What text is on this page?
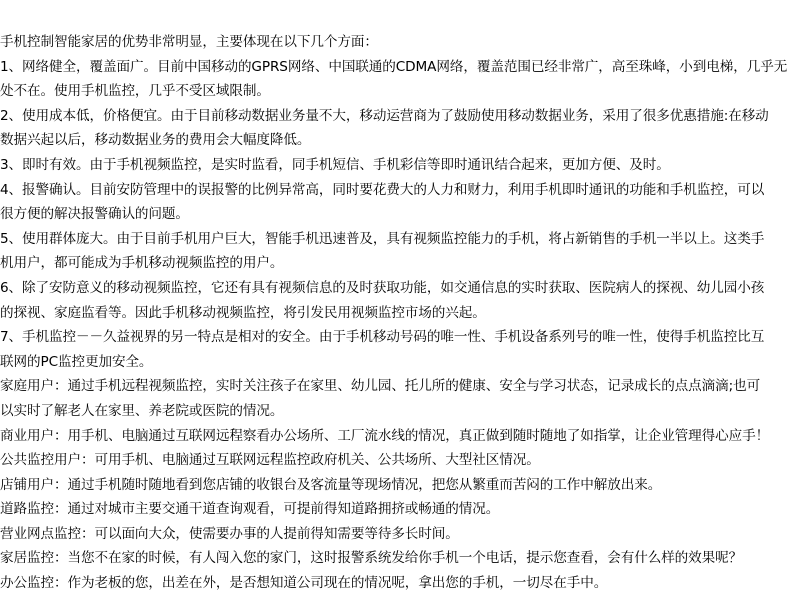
手机控制智能家居的优势非常明显，主要体现在以下几个方面：
1、网络健全，覆盖面广。目前中国移动的GPRS网络、中国联通的CDMA网络，覆盖范围已经非常广，高至珠峰，小到电梯，几乎无
处不在。使用手机监控，几乎不受区域限制。
2、使用成本低，价格便宜。由于目前移动数据业务量不大，移动运营商为了鼓励使用移动数据业务，采用了很多优惠措施:在移动
数据兴起以后，移动数据业务的费用会大幅度降低。
3、即时有效。由于手机视频监控，是实时监看，同手机短信、手机彩信等即时通讯结合起来，更加方便、及时。
4、报警确认。目前安防管理中的误报警的比例异常高，同时要花费大的人力和财力，利用手机即时通讯的功能和手机监控，可以
很方便的解决报警确认的问题。
5、使用群体庞大。由于目前手机用户巨大，智能手机迅速普及，具有视频监控能力的手机，将占新销售的手机一半以上。这类手
机用户，都可能成为手机移动视频监控的用户。
6、除了安防意义的移动视频监控，它还有具有视频信息的及时获取功能，如交通信息的实时获取、医院病人的探视、幼儿园小孩
的探视、家庭监看等。因此手机移动视频监控，将引发民用视频监控市场的兴起。
7、手机监控－－久益视界的另一特点是相对的安全。由于手机移动号码的唯一性、手机设备系列号的唯一性，使得手机监控比互
联网的PC监控更加安全。
家庭用户：通过手机远程视频监控，实时关注孩子在家里、幼儿园、托儿所的健康、安全与学习状态，记录成长的点点滴滴;也可
以实时了解老人在家里、养老院或医院的情况。
商业用户：用手机、电脑通过互联网远程察看办公场所、工厂流水线的情况，真正做到随时随地了如指掌，让企业管理得心应手！
公共监控用户：可用手机、电脑通过互联网远程监控政府机关、公共场所、大型社区情况。
店铺用户：通过手机随时随地看到您店铺的收银台及客流量等现场情况，把您从繁重而苦闷的工作中解放出来。
道路监控：通过对城市主要交通干道查询观看，可提前得知道路拥挤或畅通的情况。
营业网点监控：可以面向大众，使需要办事的人提前得知需要等待多长时间。
家居监控：当您不在家的时候，有人闯入您的家门，这时报警系统发给你手机一个电话，提示您查看，会有什么样的效果呢？
办公监控：作为老板的您，出差在外，是否想知道公司现在的情况呢，拿出您的手机，一切尽在手中。
